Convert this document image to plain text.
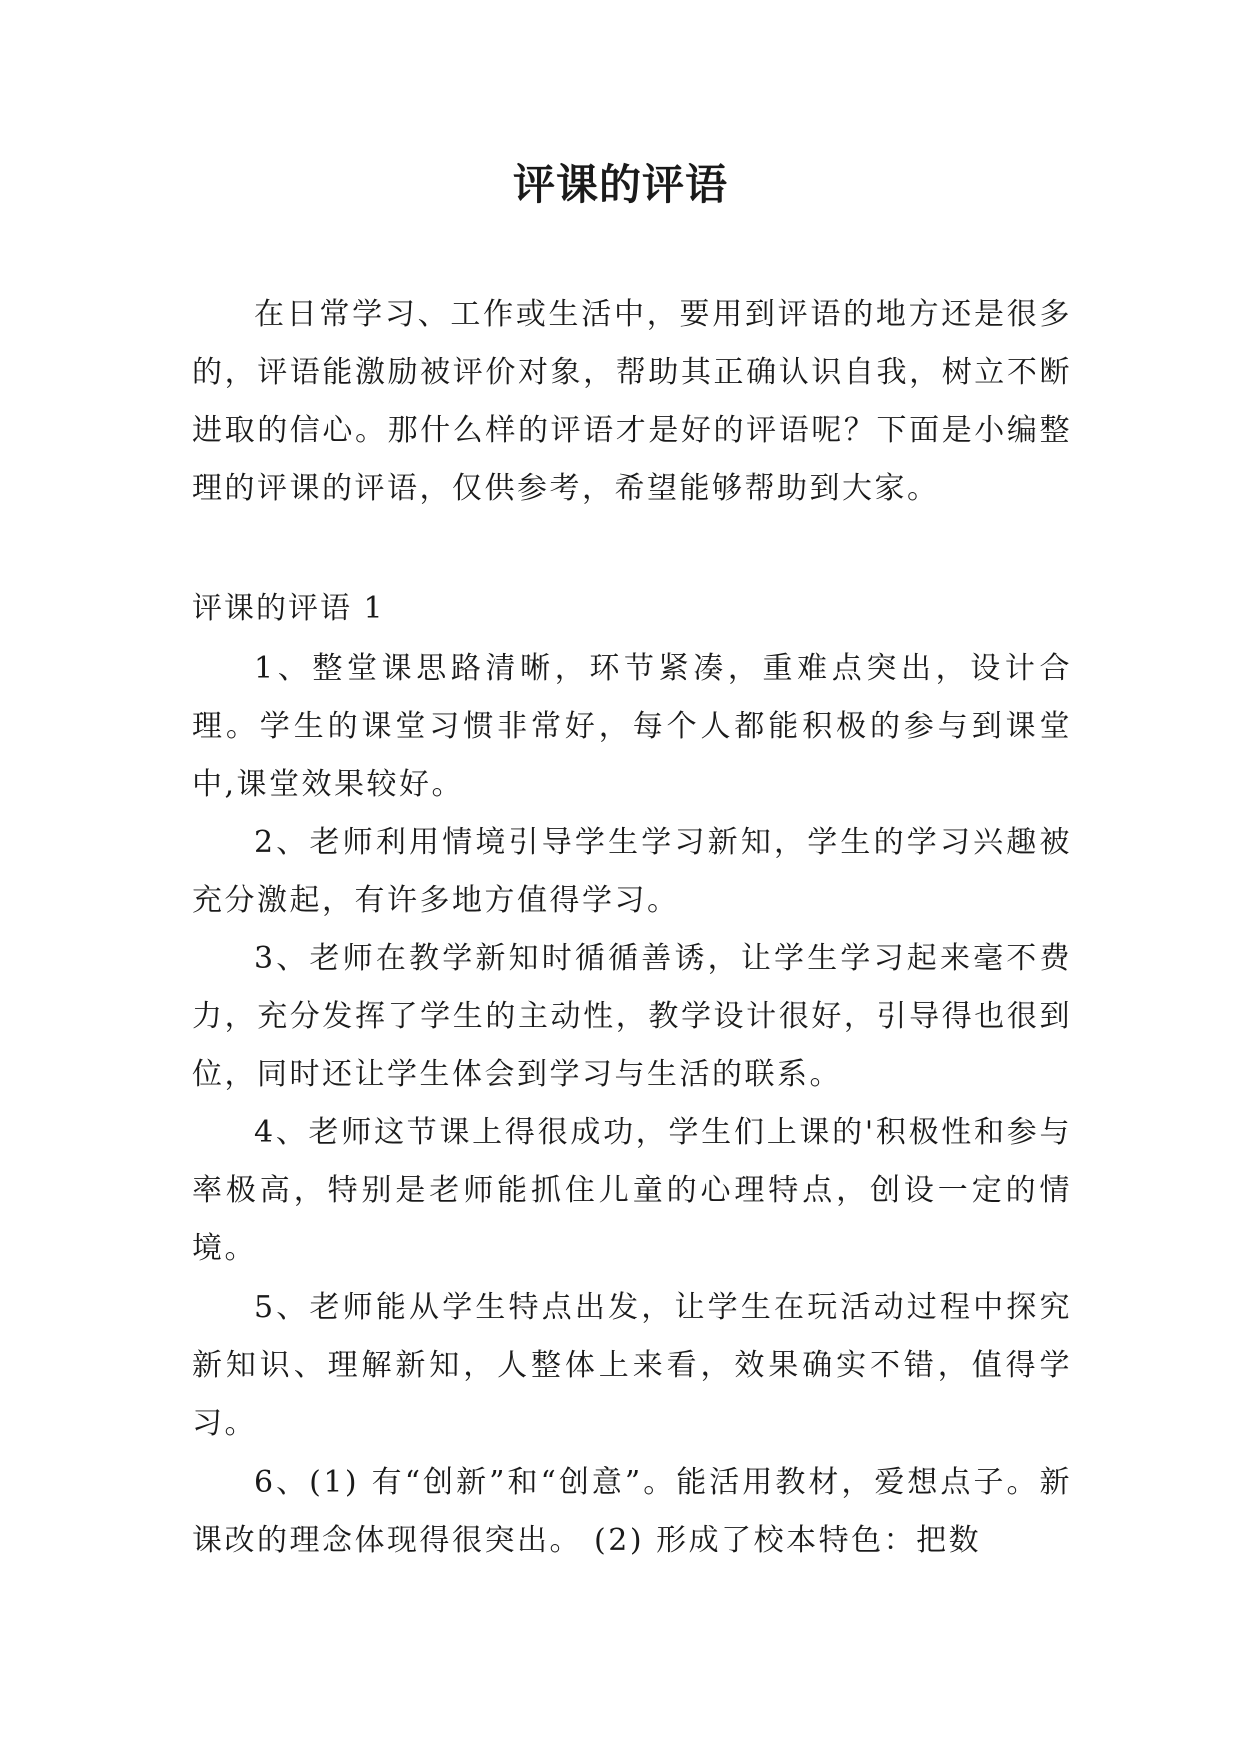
评课的评语

在日常学习、工作或生活中，要用到评语的地方还是很多的，评语能激励被评价对象，帮助其正确认识自我，树立不断进取的信心。那什么样的评语才是好的评语呢？下面是小编整理的评课的评语，仅供参考，希望能够帮助到大家。

评课的评语 1

1、整堂课思路清晰，环节紧凑，重难点突出，设计合理。学生的课堂习惯非常好，每个人都能积极的参与到课堂中,课堂效果较好。

2、老师利用情境引导学生学习新知，学生的学习兴趣被充分激起，有许多地方值得学习。

3、老师在教学新知时循循善诱，让学生学习起来毫不费力，充分发挥了学生的主动性，教学设计很好，引导得也很到位，同时还让学生体会到学习与生活的联系。

4、老师这节课上得很成功，学生们上课的'积极性和参与率极高，特别是老师能抓住儿童的心理特点，创设一定的情境。

5、老师能从学生特点出发，让学生在玩活动过程中探究新知识、理解新知，人整体上来看，效果确实不错，值得学习。

6、(1) 有“创新”和“创意”。能活用教材，爱想点子。新课改的理念体现得很突出。 (2) 形成了校本特色：把数
